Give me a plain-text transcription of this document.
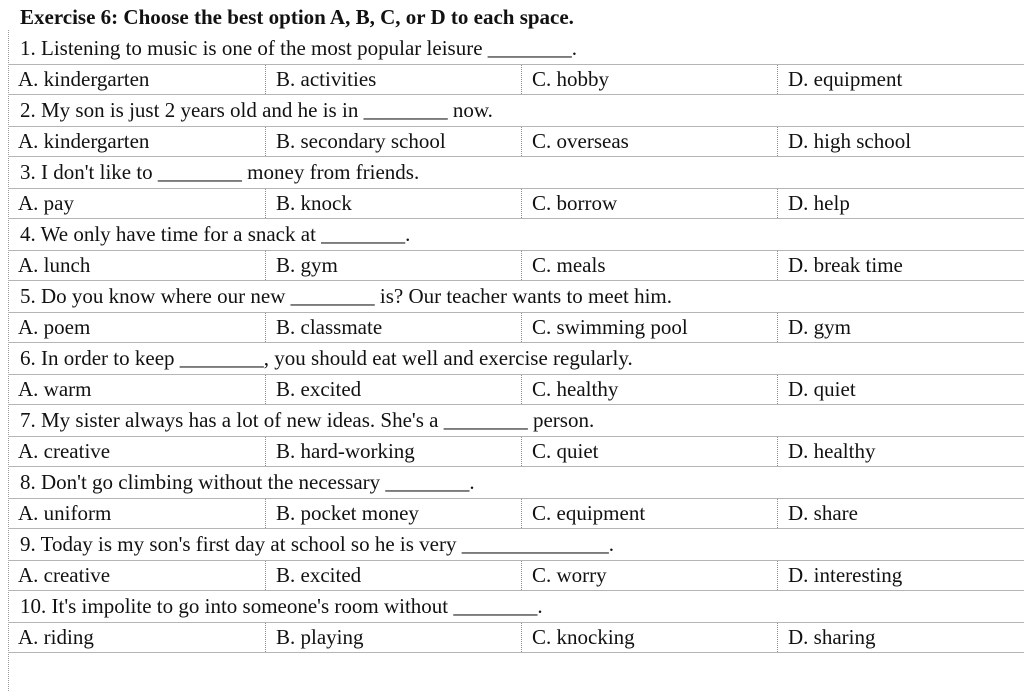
Exercise 6: Choose the best option A, B, C, or D to each space.
1. Listening to music is one of the most popular leisure ________.
A. kindergarten	B. activities	C. hobby	D. equipment
2. My son is just 2 years old and he is in ________ now.
A. kindergarten	B. secondary school	C. overseas	D. high school
3. I don't like to ________ money from friends.
A. pay	B. knock	C. borrow	D. help
4. We only have time for a snack at ________.
A. lunch	B. gym	C. meals	D. break time
5. Do you know where our new ________ is? Our teacher wants to meet him.
A. poem	B. classmate	C. swimming pool	D. gym
6. In order to keep ________, you should eat well and exercise regularly.
A. warm	B. excited	C. healthy	D. quiet
7. My sister always has a lot of new ideas. She's a ________ person.
A. creative	B. hard-working	C. quiet	D. healthy
8. Don't go climbing without the necessary ________.
A. uniform	B. pocket money	C. equipment	D. share
9. Today is my son's first day at school so he is very ______________.
A. creative	B. excited	C. worry	D. interesting
10. It's impolite to go into someone's room without ________.
A. riding	B. playing	C. knocking	D. sharing
